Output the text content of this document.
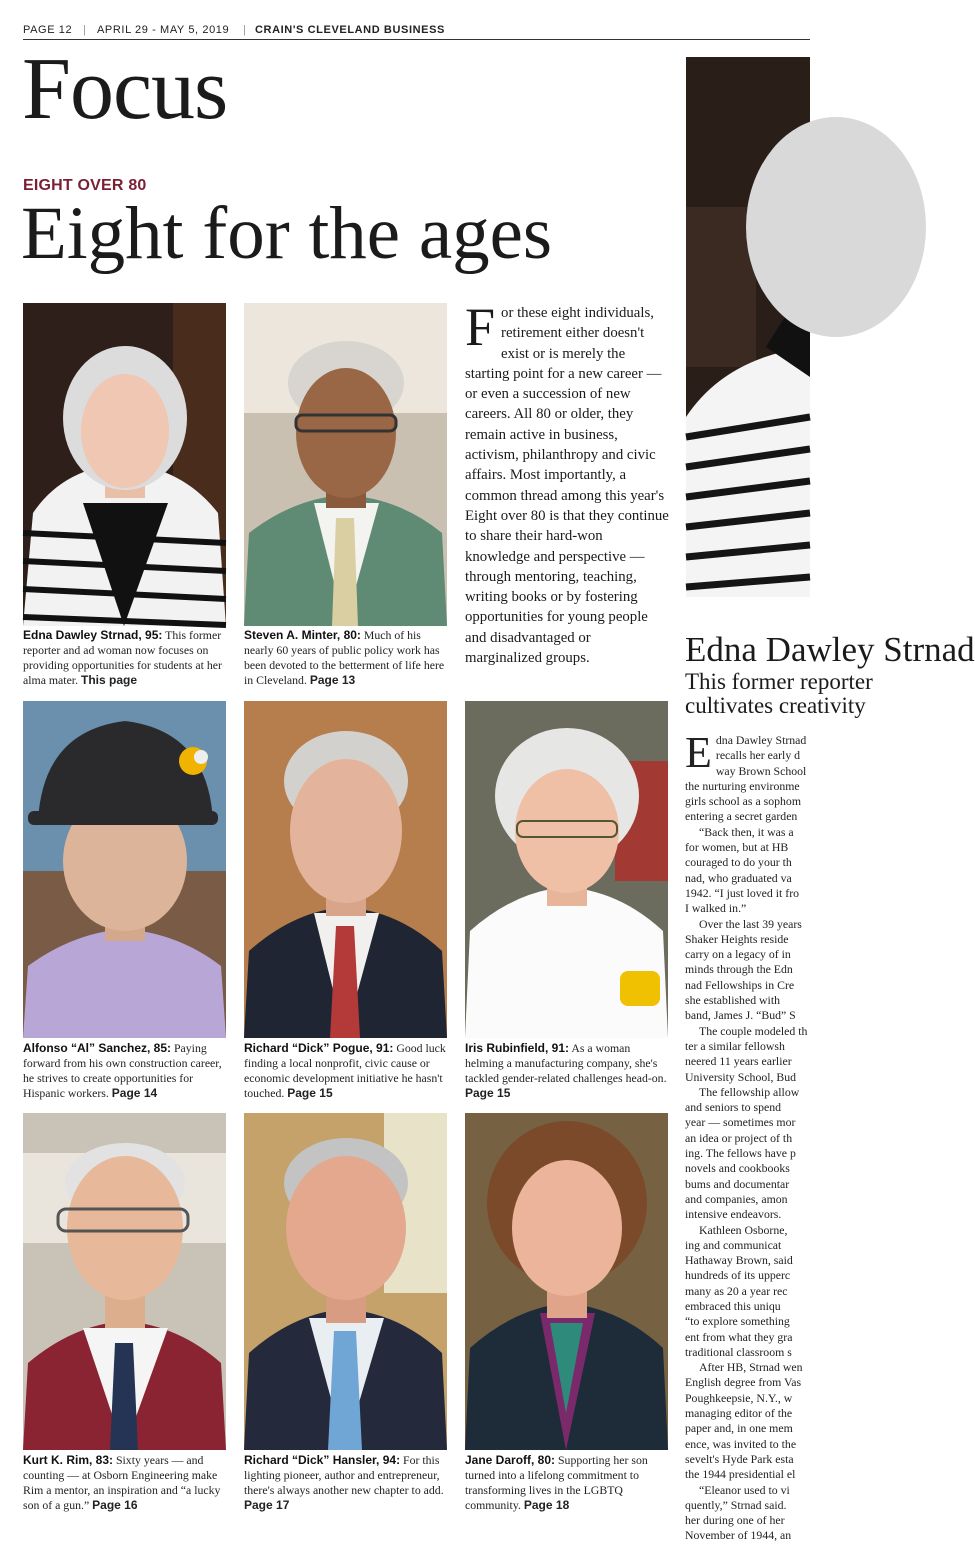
PAGE 12 | APRIL 29 - MAY 5, 2019 | CRAIN'S CLEVELAND BUSINESS
Focus
EIGHT OVER 80
Eight for the ages
Edna Dawley Strnad, 95: This former reporter and ad woman now focuses on providing opportunities for students at her alma mater. This page
Steven A. Minter, 80: Much of his nearly 60 years of public policy work has been devoted to the betterment of life here in Cleveland. Page 13
Alfonso “Al” Sanchez, 85: Paying forward from his own construction career, he strives to create opportunities for Hispanic workers. Page 14
Richard “Dick” Pogue, 91: Good luck finding a local nonprofit, civic cause or economic development initiative he hasn't touched. Page 15
Iris Rubinfield, 91: As a woman helming a manufacturing company, she's tackled gender-related challenges head-on. Page 15
Kurt K. Rim, 83: Sixty years — and counting — at Osborn Engineering make Rim a mentor, an inspiration and “a lucky son of a gun.” Page 16
Richard “Dick” Hansler, 94: For this lighting pioneer, author and entrepreneur, there's always another new chapter to add. Page 17
Jane Daroff, 80: Supporting her son turned into a lifelong commitment to transforming lives in the LGBTQ community. Page 18
For these eight individuals, retirement either doesn't exist or is merely the starting point for a new career — or even a succession of new careers. All 80 or older, they remain active in business, activism, philanthropy and civic affairs. Most importantly, a common thread among this year's Eight over 80 is that they continue to share their hard-won knowledge and perspective — through mentoring, teaching, writing books or by fostering opportunities for young people and disadvantaged or marginalized groups.	Edna Dawley Strnad
This former reporter
cultivates creativity
E dna Dawley Strnad

recalls her early d

way Brown School

the nurturing environme

girls school as a sophom

entering a secret garden

“Back then, it was a

for women, but at HB

couraged to do your th

nad, who graduated va

1942. “I just loved it fro

I walked in.”

Over the last 39 years

Shaker Heights reside

carry on a legacy of in

minds through the Edn

nad Fellowships in Cre

she established with

band, James J. “Bud” S

The couple modeled th

ter a similar fellowsh

neered 11 years earlier

University School, Bud

The fellowship allow

and seniors to spend

year — sometimes mor

an idea or project of th

ing. The fellows have p

novels and cookbooks

bums and documentar

and companies, amon

intensive endeavors.

Kathleen Osborne,

ing and communicat

Hathaway Brown, said

hundreds of its upperc

many as 20 a year rec

embraced this uniqu

“to explore something

ent from what they gra

traditional classroom s

After HB, Strnad wen

English degree from Vas

Poughkeepsie, N.Y., w

managing editor of the

paper and, in one mem

ence, was invited to the

sevelt's Hyde Park esta

the 1944 presidential el

“Eleanor used to vi

quently,” Strnad said.

her during one of her

November of 1944, an
